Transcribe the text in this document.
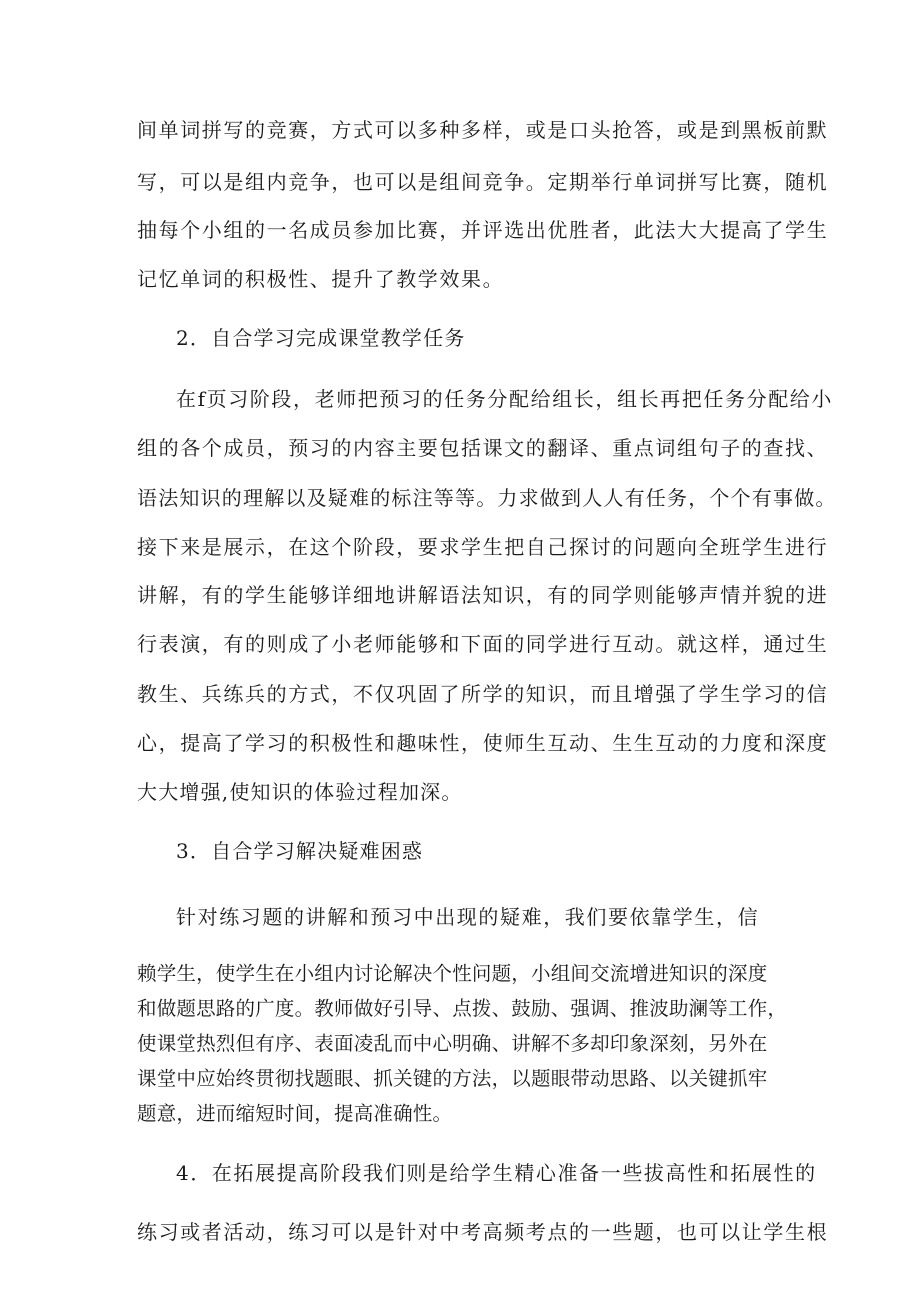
间单词拼写的竞赛，方式可以多种多样，或是口头抢答，或是到黑板前默
写，可以是组内竞争，也可以是组间竞争。定期举行单词拼写比赛，随机
抽每个小组的一名成员参加比赛，并评选出优胜者，此法大大提高了学生
记忆单词的积极性、提升了教学效果。
2．自合学习完成课堂教学任务
在f页习阶段，老师把预习的任务分配给组长，组长再把任务分配给小
组的各个成员，预习的内容主要包括课文的翻译、重点词组句子的查找、
语法知识的理解以及疑难的标注等等。力求做到人人有任务，个个有事做。
接下来是展示，在这个阶段，要求学生把自己探讨的问题向全班学生进行
讲解，有的学生能够详细地讲解语法知识，有的同学则能够声情并貌的进
行表演，有的则成了小老师能够和下面的同学进行互动。就这样，通过生
教生、兵练兵的方式，不仅巩固了所学的知识，而且增强了学生学习的信
心，提高了学习的积极性和趣味性，使师生互动、生生互动的力度和深度
大大增强,使知识的体验过程加深。
3．自合学习解决疑难困惑
针对练习题的讲解和预习中出现的疑难，我们要依靠学生，信
赖学生，使学生在小组内讨论解决个性问题，小组间交流增进知识的深度
和做题思路的广度。教师做好引导、点拨、鼓励、强调、推波助澜等工作，
使课堂热烈但有序、表面凌乱而中心明确、讲解不多却印象深刻，另外在
课堂中应始终贯彻找题眼、抓关键的方法，以题眼带动思路、以关键抓牢
题意，进而缩短时间，提高准确性。
4．在拓展提高阶段我们则是给学生精心准备一些拔高性和拓展性的
练习或者活动，练习可以是针对中考高频考点的一些题，也可以让学生根
